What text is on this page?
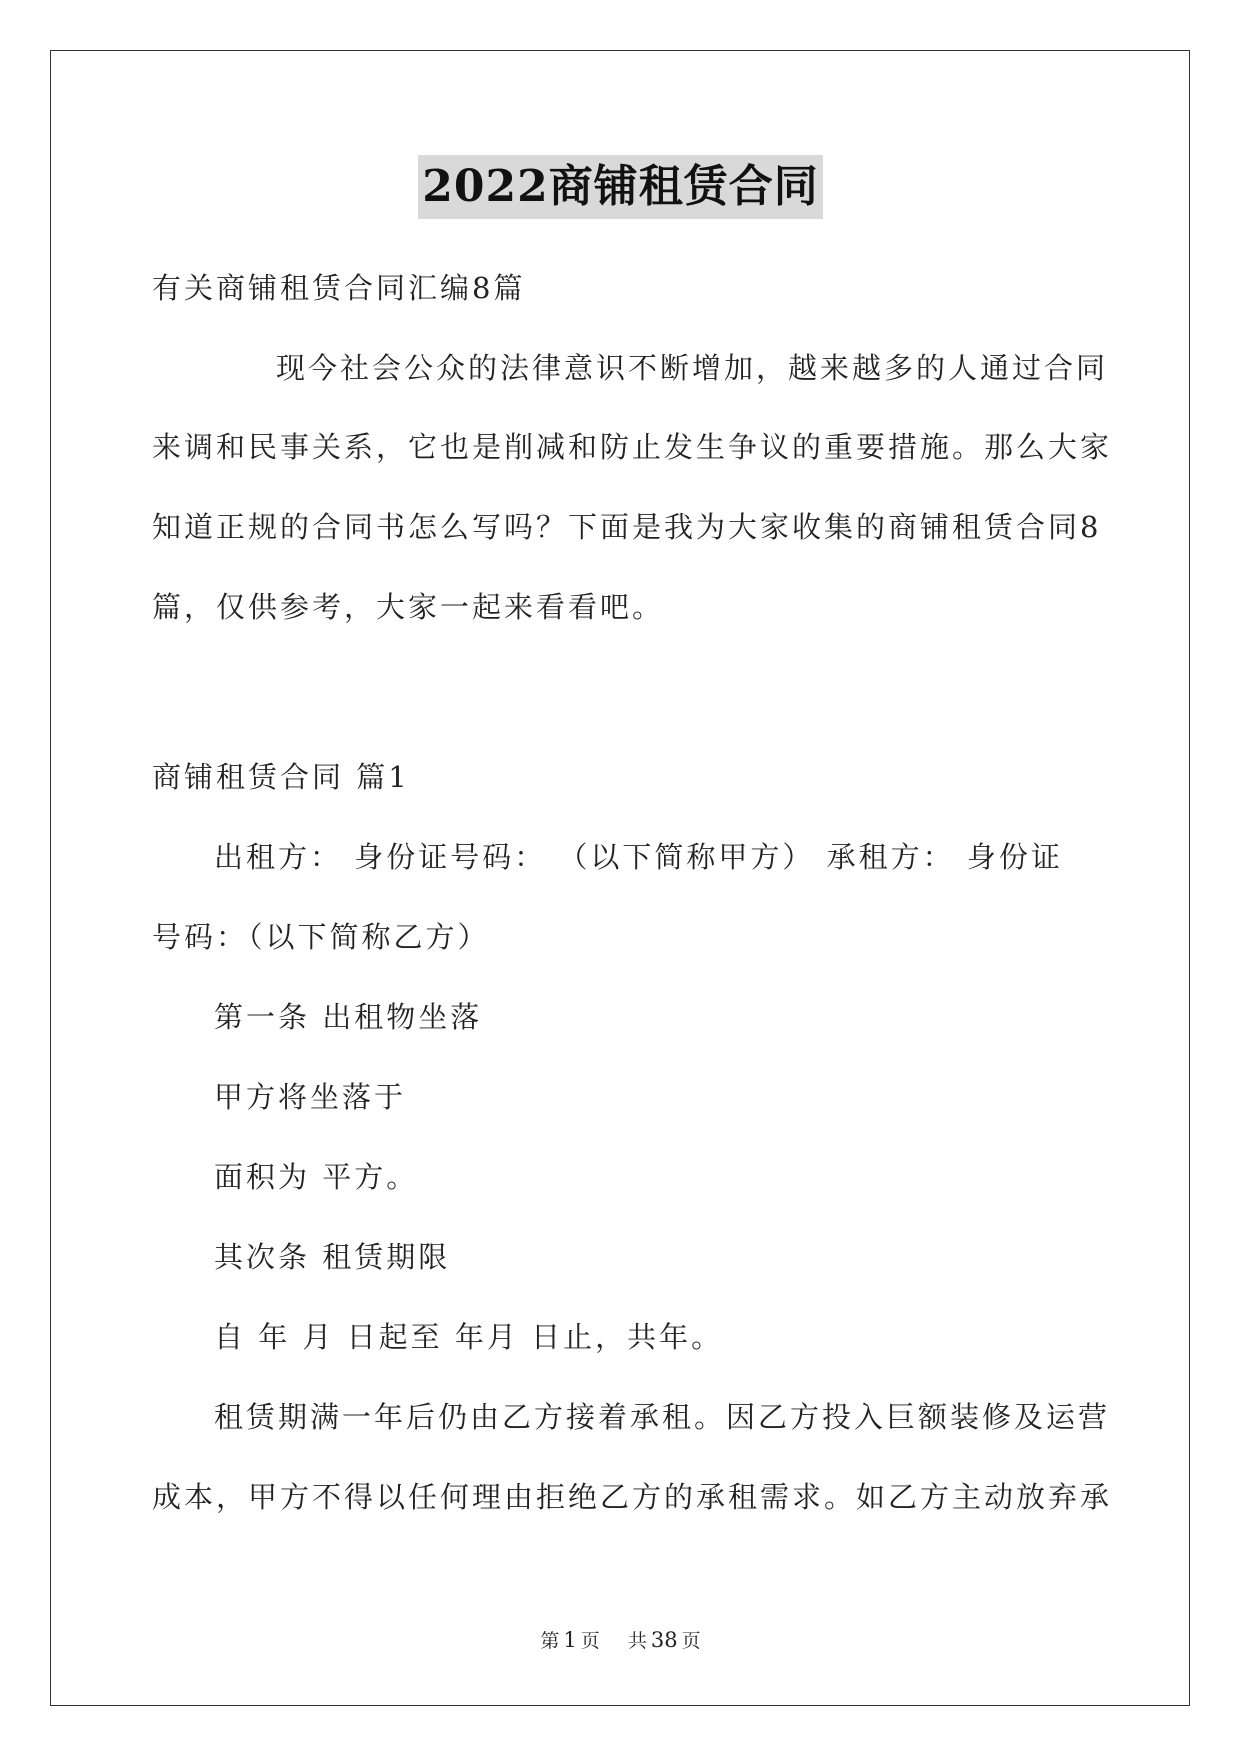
2022商铺租赁合同
有关商铺租赁合同汇编8篇
现今社会公众的法律意识不断增加，越来越多的人通过合同
来调和民事关系，它也是削减和防止发生争议的重要措施。那么大家
知道正规的合同书怎么写吗？下面是我为大家收集的商铺租赁合同8
篇，仅供参考，大家一起来看看吧。
商铺租赁合同 篇1
出租方： 身份证号码： （以下简称甲方） 承租方： 身份证
号码：（以下简称乙方）
第一条 出租物坐落
甲方将坐落于
面积为 平方。
其次条 租赁期限
自 年 月 日起至 年月 日止，共年。
租赁期满一年后仍由乙方接着承租。因乙方投入巨额装修及运营
成本，甲方不得以任何理由拒绝乙方的承租需求。如乙方主动放弃承
第 1 页 共 38 页
